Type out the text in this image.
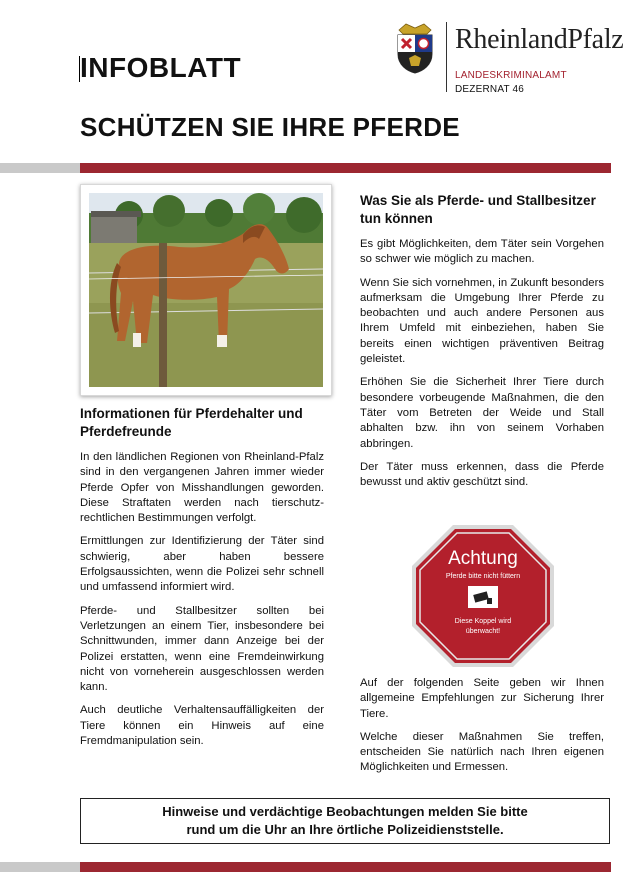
INFOBLATT
SCHÜTZEN SIE IHRE PFERDE
RheinlandPfalz
LANDESKRIMINALAMT
DEZERNAT 46
Informationen für Pferdehalter und Pferdefreunde

In den ländlichen Regionen von Rheinland-Pfalz sind in den vergangenen Jahren immer wieder Pferde Opfer von Misshandlungen geworden. Diese Straftaten werden nach tierschutz-rechtlichen Bestimmungen verfolgt.

Ermittlungen zur Identifizierung der Täter sind schwierig, aber haben bessere Erfolgsaussichten, wenn die Polizei sehr schnell und umfassend informiert wird.

Pferde- und Stallbesitzer sollten bei Verletzungen an einem Tier, insbesondere bei Schnittwunden, immer dann Anzeige bei der Polizei erstatten, wenn eine Fremdeinwirkung nicht von vorneherein ausgeschlossen werden kann.

Auch deutliche Verhaltensauffälligkeiten der Tiere können ein Hinweis auf eine Fremdmanipulation sein.

Was Sie als Pferde- und Stallbesitzer tun können

Es gibt Möglichkeiten, dem Täter sein Vorgehen so schwer wie möglich zu machen.

Wenn Sie sich vornehmen, in Zukunft besonders aufmerksam die Umgebung Ihrer Pferde zu beobachten und auch andere Personen aus Ihrem Umfeld mit einbeziehen, haben Sie bereits einen wichtigen präventiven Beitrag geleistet.

Erhöhen Sie die Sicherheit Ihrer Tiere durch besondere vorbeugende Maßnahmen, die den Täter vom Betreten der Weide und Stall abhalten bzw. ihn von seinem Vorhaben abbringen.

Der Täter muss erkennen, dass die Pferde bewusst und aktiv geschützt sind.

Achtung
Pferde bitte nicht füttern
Diese Koppel wird
überwacht!

Auf der folgenden Seite geben wir Ihnen allgemeine Empfehlungen zur Sicherung Ihrer Tiere.

Welche dieser Maßnahmen Sie treffen, entscheiden Sie natürlich nach Ihren eigenen Möglichkeiten und Ermessen.

Hinweise und verdächtige Beobachtungen melden Sie bitte
rund um die Uhr an Ihre örtliche Polizeidienststelle.
